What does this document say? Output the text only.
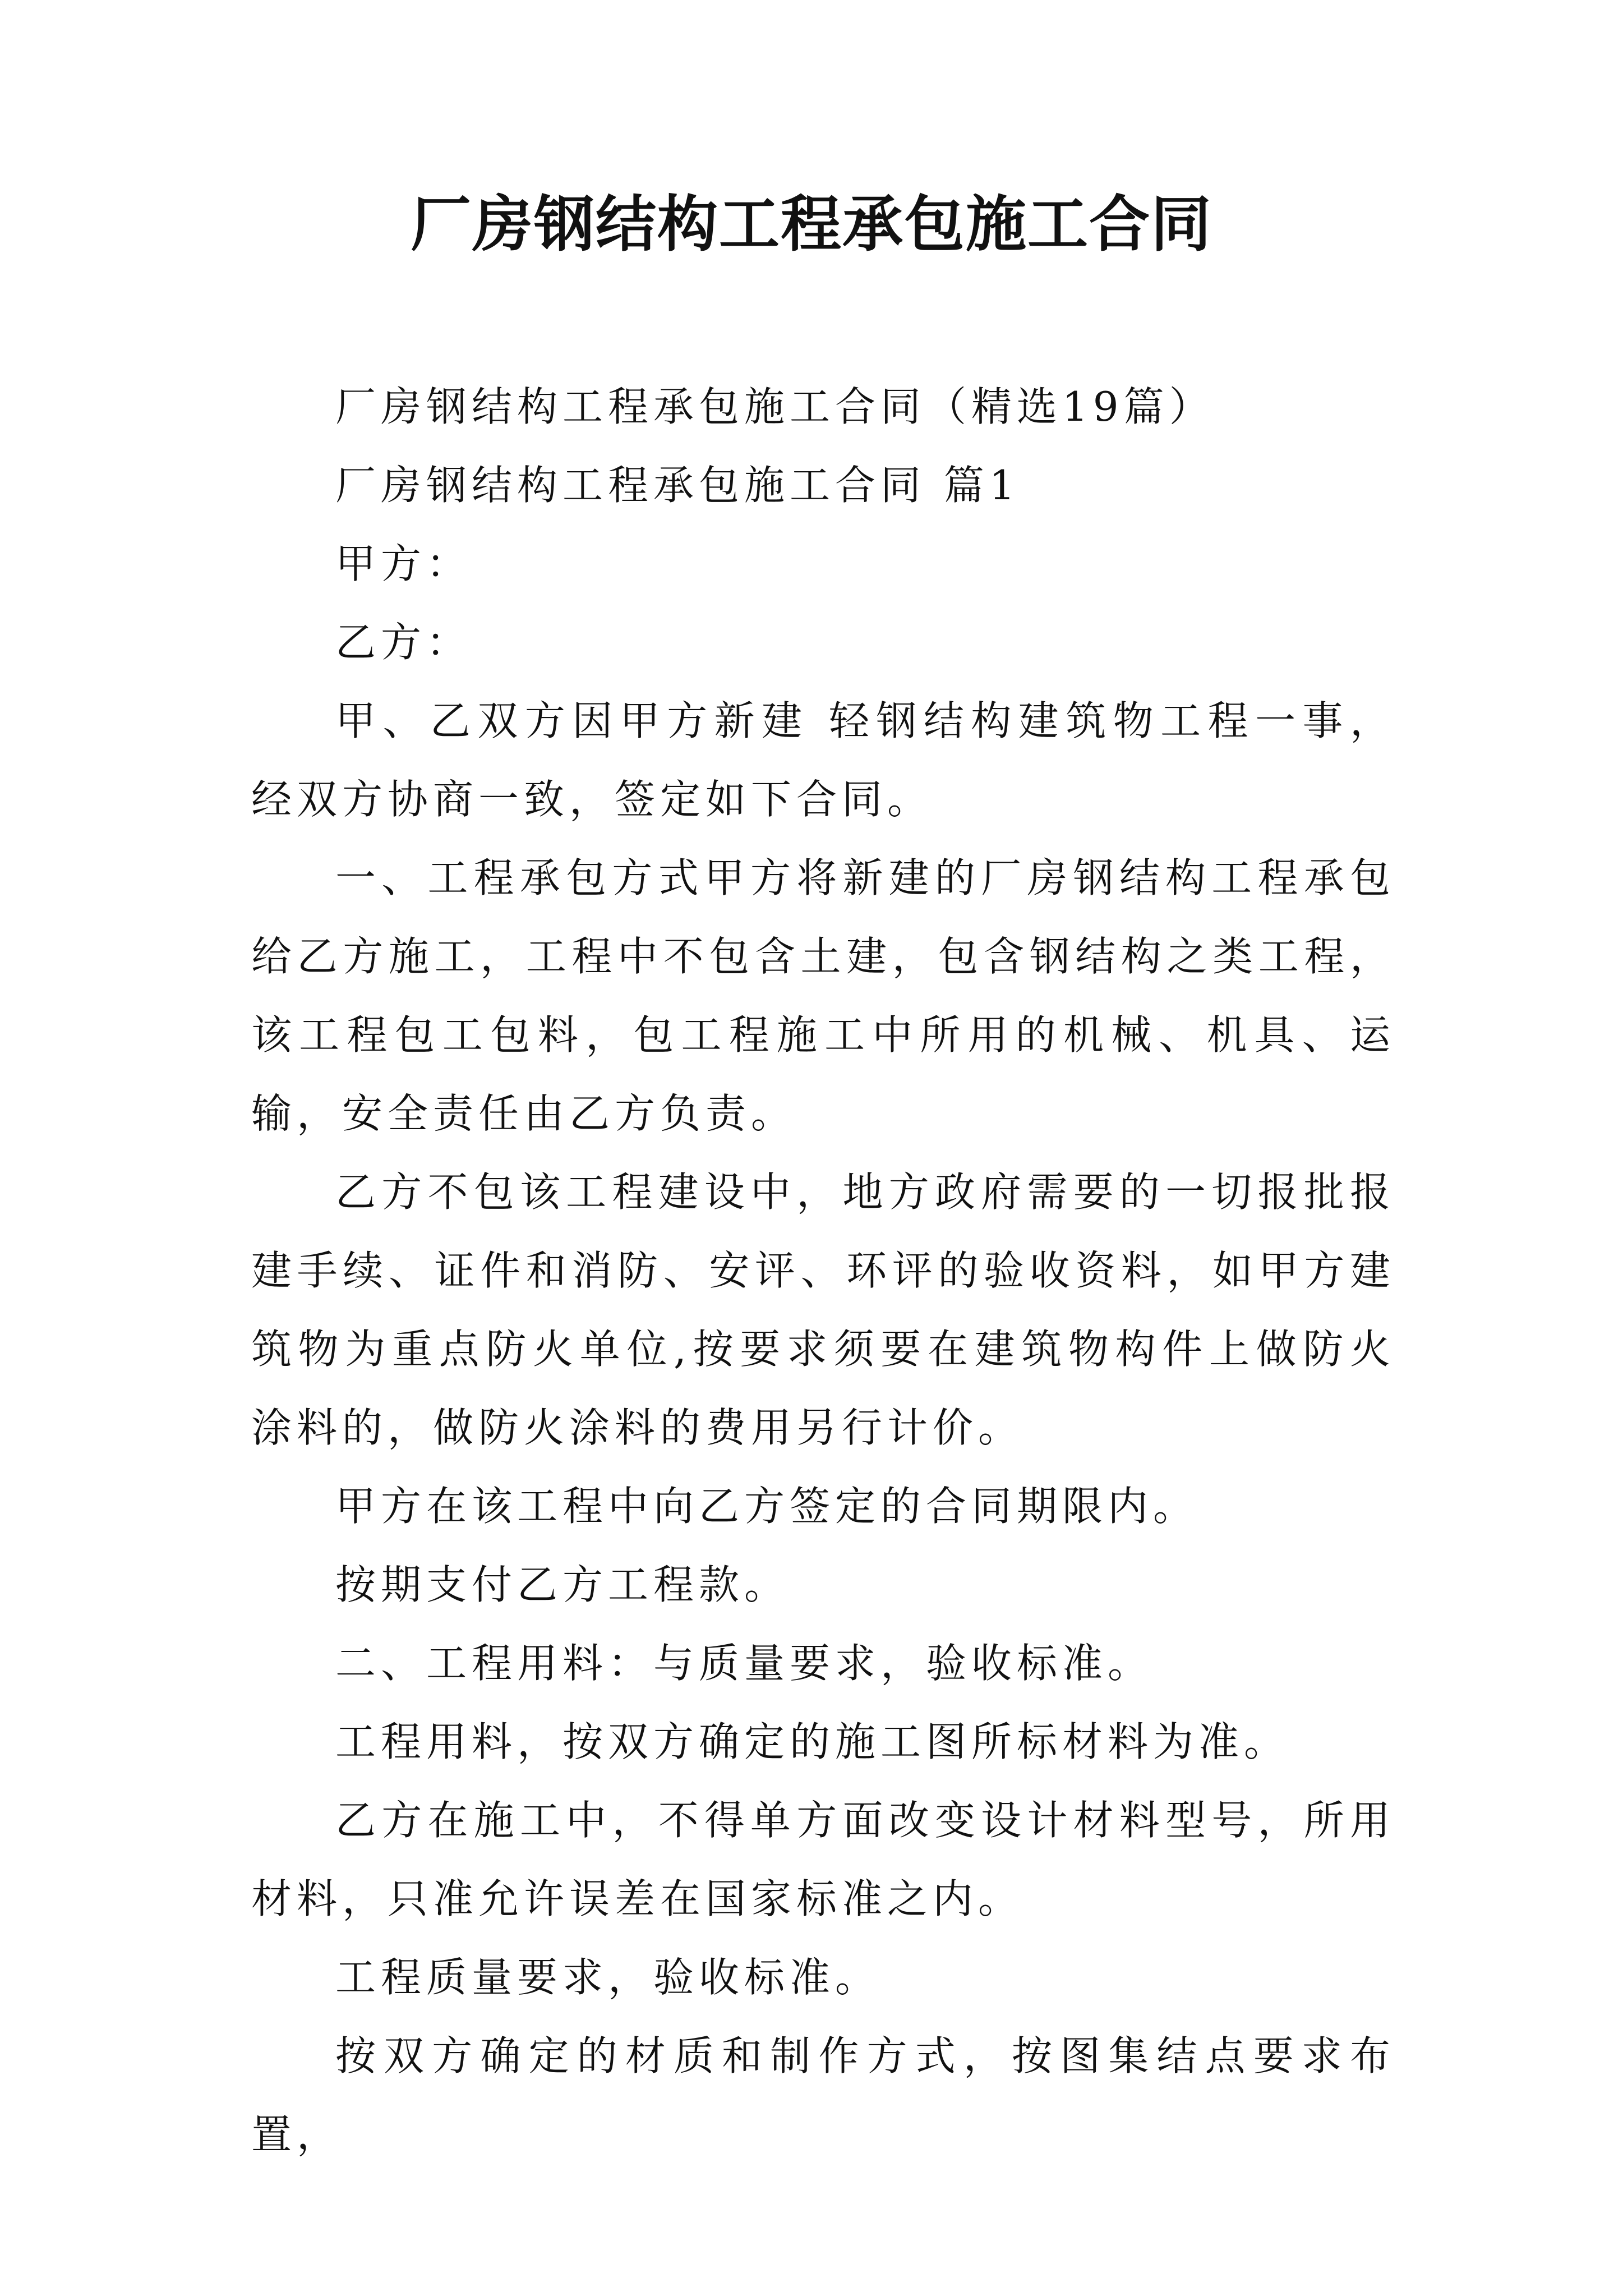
厂房钢结构工程承包施工合同

厂房钢结构工程承包施工合同（精选19篇）

厂房钢结构工程承包施工合同 篇1

甲方：

乙方：

甲、乙双方因甲方新建 轻钢结构建筑物工程一事，经双方协商一致，签定如下合同。

一、工程承包方式甲方将新建的厂房钢结构工程承包给乙方施工，工程中不包含土建，包含钢结构之类工程，该工程包工包料，包工程施工中所用的机械、机具、运输，安全责任由乙方负责。

乙方不包该工程建设中，地方政府需要的一切报批报建手续、证件和消防、安评、环评的验收资料，如甲方建筑物为重点防火单位,按要求须要在建筑物构件上做防火涂料的，做防火涂料的费用另行计价。

甲方在该工程中向乙方签定的合同期限内。

按期支付乙方工程款。

二、工程用料：与质量要求，验收标准。

工程用料，按双方确定的施工图所标材料为准。

乙方在施工中，不得单方面改变设计材料型号，所用材料，只准允许误差在国家标准之内。

工程质量要求，验收标准。

按双方确定的材质和制作方式，按图集结点要求布置，
